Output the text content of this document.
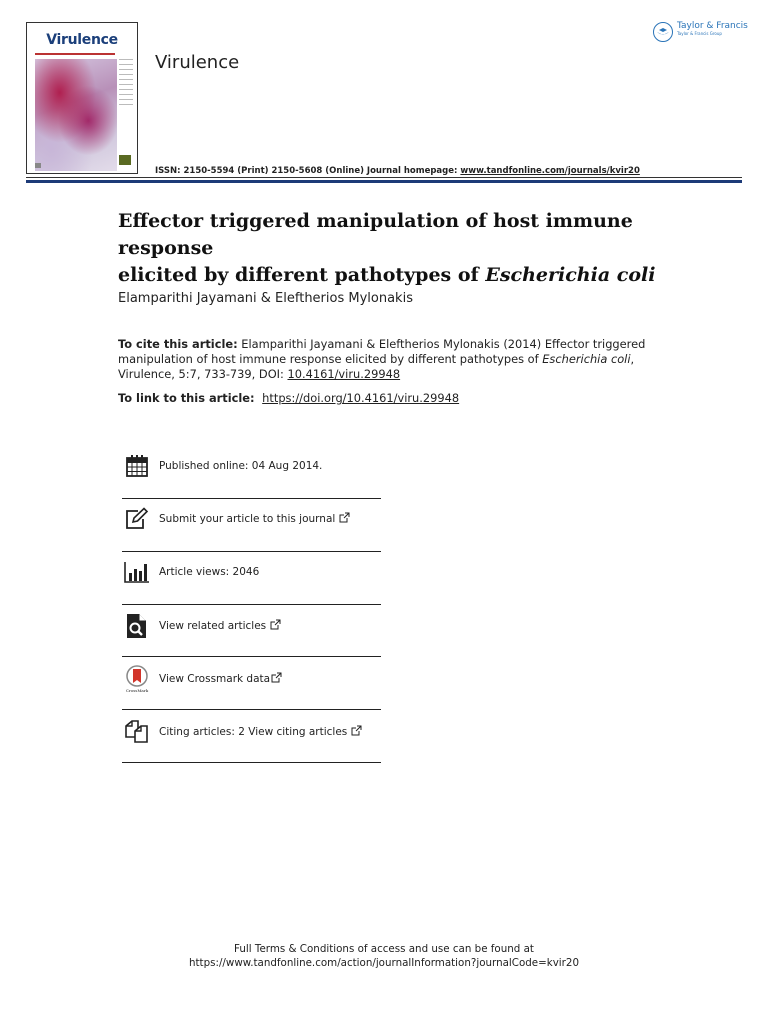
Virulence
Virulence
Taylor & Francis
Taylor & Francis Group
ISSN: 2150-5594 (Print) 2150-5608 (Online) Journal homepage: www.tandfonline.com/journals/kvir20
Effector triggered manipulation of host immune response
elicited by different pathotypes of Escherichia coli
Elamparithi Jayamani & Eleftherios Mylonakis
To cite this article: Elamparithi Jayamani & Eleftherios Mylonakis (2014) Effector triggered manipulation of host immune response elicited by different pathotypes of Escherichia coli, Virulence, 5:7, 733-739, DOI: 10.4161/viru.29948
To link to this article: https://doi.org/10.4161/viru.29948
Published online: 04 Aug 2014.
Submit your article to this journal
Article views: 2046
View related articles
CrossMark
View Crossmark data
Citing articles: 2 View citing articles
Full Terms & Conditions of access and use can be found at
https://www.tandfonline.com/action/journalInformation?journalCode=kvir20
